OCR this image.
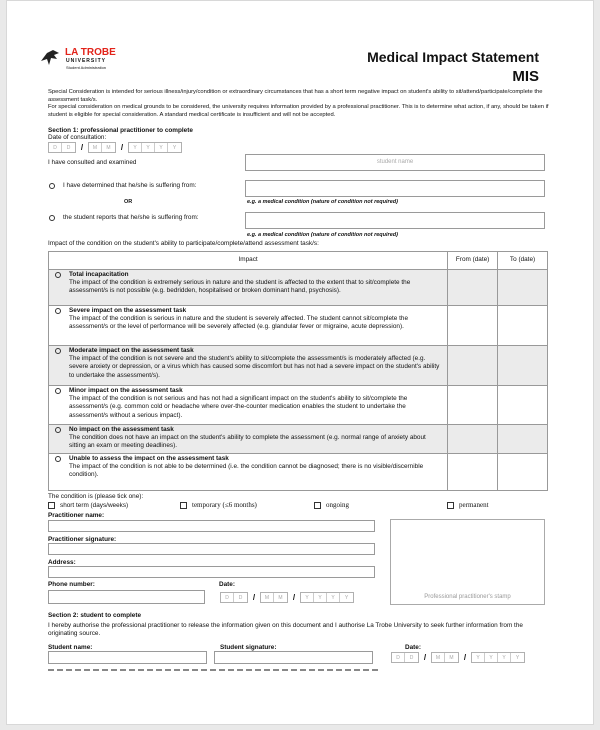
LA TROBE
UNIVERSITY
Student Administration
Medical Impact Statement
MIS
Special Consideration is intended for serious illness/injury/condition or extraordinary circumstances that has a short term negative impact on student's ability to sit/attend/participate/complete the assessment task/s.
For special consideration on medical grounds to be considered, the university requires information provided by a professional practitioner. This is to determine what action, if any, should be taken if student is eligible for special consideration. A standard medical certificate is insufficient and will not be accepted.
Section 1: professional practitioner to complete
Date of consultation:
D	D	/	M	M	/	Y	Y	Y	Y
I have consulted and examined	student name
I have determined that he/she is suffering from:
OR	e.g. a medical condition (nature of condition not required)
the student reports that he/she is suffering from:
e.g. a medical condition (nature of condition not required)
Impact of the condition on the student's ability to participate/complete/attend assessment task/s:
Impact	From (date)	To (date)

Total incapacitation
The impact of the condition is extremely serious in nature and the student is affected to the extent that to sit/complete the assessment/s is not possible (e.g. bedridden, hospitalised or broken dominant hand, psychosis).		

Severe impact on the assessment task
The impact of the condition is serious in nature and the student is severely affected. The student cannot sit/complete the assessment/s or the level of performance will be severely affected (e.g. glandular fever or migraine, acute depression).		

Moderate impact on the assessment task
The impact of the condition is not severe and the student's ability to sit/complete the assessment/s is moderately affected (e.g. severe anxiety or depression, or a virus which has caused some discomfort but has not had a severe impact on the student's ability to undertake the assessment/s).		

Minor impact on the assessment task
The impact of the condition is not serious and has not had a significant impact on the student's ability to sit/complete the assessment/s (e.g. common cold or headache where over-the-counter medication enables the student to undertake the assessment/s without a serious impact).		

No impact on the assessment task
The condition does not have an impact on the student's ability to complete the assessment (e.g. normal range of anxiety about sitting an exam or meeting deadlines).		

Unable to assess the impact on the assessment task
The impact of the condition is not able to be determined (i.e. the condition cannot be diagnosed; there is no visible/discernible condition).		

The condition is (please tick one):
short term (days/weeks)	temporary (≤6 months)	ongoing	permanent
Practitioner name:
Practitioner signature:
Address:
Phone number:	Date:
D	D	/	M	M	/	Y	Y	Y	Y	Professional practitioner's stamp
Section 2: student to complete
I hereby authorise the professional practitioner to release the information given on this document and I authorise La Trobe University to seek further information from the originating source.
Student name:	Student signature:	Date:
D	D	/	M	M	/	Y	Y	Y	Y
